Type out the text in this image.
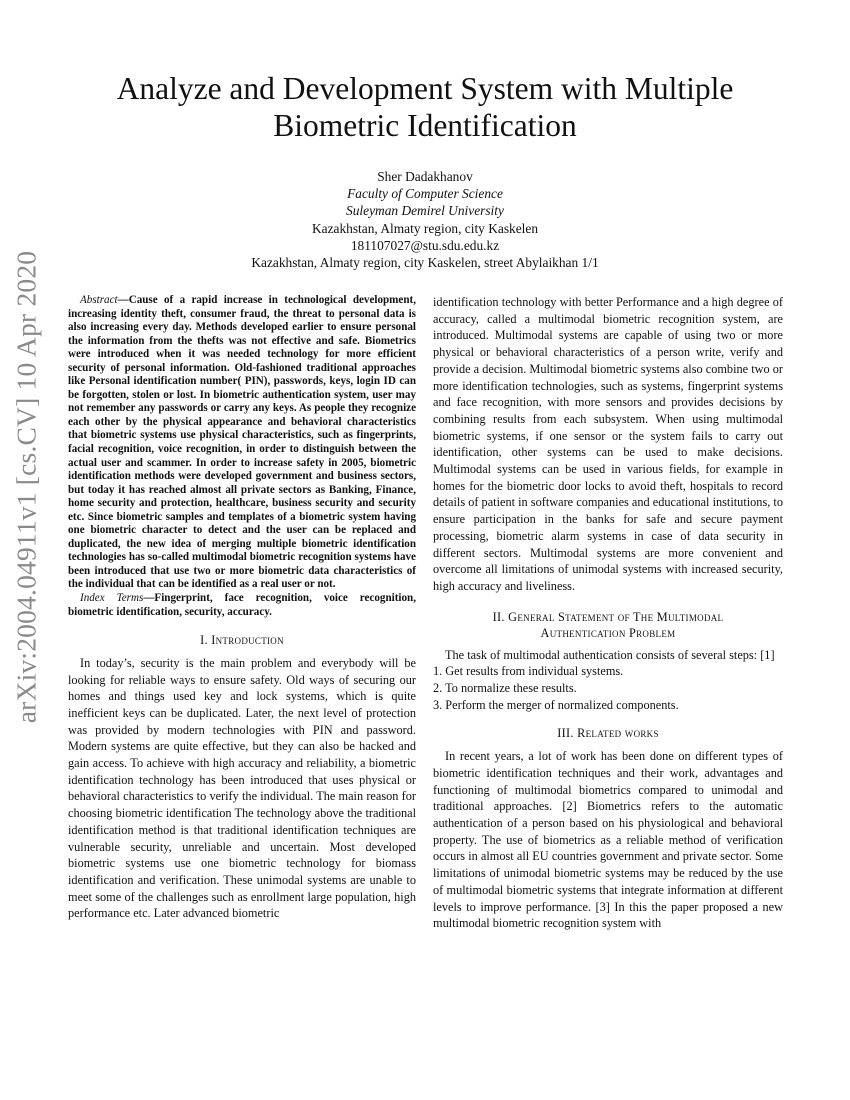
arXiv:2004.04911v1 [cs.CV] 10 Apr 2020
Analyze and Development System with Multiple Biometric Identification
Sher Dadakhanov
Faculty of Computer Science
Suleyman Demirel University
Kazakhstan, Almaty region, city Kaskelen
181107027@stu.sdu.edu.kz
Kazakhstan, Almaty region, city Kaskelen, street Abylaikhan 1/1

Abstract—Cause of a rapid increase in technological development, increasing identity theft, consumer fraud, the threat to personal data is also increasing every day. Methods developed earlier to ensure personal the information from the thefts was not effective and safe. Biometrics were introduced when it was needed technology for more efficient security of personal information. Old-fashioned traditional approaches like Personal identification number( PIN), passwords, keys, login ID can be forgotten, stolen or lost. In biometric authentication system, user may not remember any passwords or carry any keys. As people they recognize each other by the physical appearance and behavioral characteristics that biometric systems use physical characteristics, such as fingerprints, facial recognition, voice recognition, in order to distinguish between the actual user and scammer. In order to increase safety in 2005, biometric identification methods were developed government and business sectors, but today it has reached almost all private sectors as Banking, Finance, home security and protection, healthcare, business security and security etc. Since biometric samples and templates of a biometric system having one biometric character to detect and the user can be replaced and duplicated, the new idea of merging multiple biometric identification technologies has so-called multimodal biometric recognition systems have been introduced that use two or more biometric data characteristics of the individual that can be identified as a real user or not.

Index Terms—Fingerprint, face recognition, voice recognition, biometric identification, security, accuracy.

I. Introduction

In today’s, security is the main problem and everybody will be looking for reliable ways to ensure safety. Old ways of securing our homes and things used key and lock systems, which is quite inefficient keys can be duplicated. Later, the next level of protection was provided by modern technologies with PIN and password. Modern systems are quite effective, but they can also be hacked and gain access. To achieve with high accuracy and reliability, a biometric identification technology has been introduced that uses physical or behavioral characteristics to verify the individual. The main reason for choosing biometric identification The technology above the traditional identification method is that traditional identification techniques are vulnerable security, unreliable and uncertain. Most developed biometric systems use one biometric technology for biomass identification and verification. These unimodal systems are unable to meet some of the challenges such as enrollment large population, high performance etc. Later advanced biometric

identification technology with better Performance and a high degree of accuracy, called a multimodal biometric recognition system, are introduced. Multimodal systems are capable of using two or more physical or behavioral characteristics of a person write, verify and provide a decision. Multimodal biometric systems also combine two or more identification technologies, such as systems, fingerprint systems and face recognition, with more sensors and provides decisions by combining results from each subsystem. When using multimodal biometric systems, if one sensor or the system fails to carry out identification, other systems can be used to make decisions. Multimodal systems can be used in various fields, for example in homes for the biometric door locks to avoid theft, hospitals to record details of patient in software companies and educational institutions, to ensure participation in the banks for safe and secure payment processing, biometric alarm systems in case of data security in different sectors. Multimodal systems are more convenient and overcome all limitations of unimodal systems with increased security, high accuracy and liveliness.

II. General Statement of The Multimodal
Authentication Problem

The task of multimodal authentication consists of several steps: [1]

1. Get results from individual systems.
2. To normalize these results.
3. Perform the merger of normalized components.
III. Related works

In recent years, a lot of work has been done on different types of biometric identification techniques and their work, advantages and functioning of multimodal biometrics compared to unimodal and traditional approaches. [2] Biometrics refers to the automatic authentication of a person based on his physiological and behavioral property. The use of biometrics as a reliable method of verification occurs in almost all EU countries government and private sector. Some limitations of unimodal biometric systems may be reduced by the use of multimodal biometric systems that integrate information at different levels to improve performance. [3] In this the paper proposed a new multimodal biometric recognition system with
